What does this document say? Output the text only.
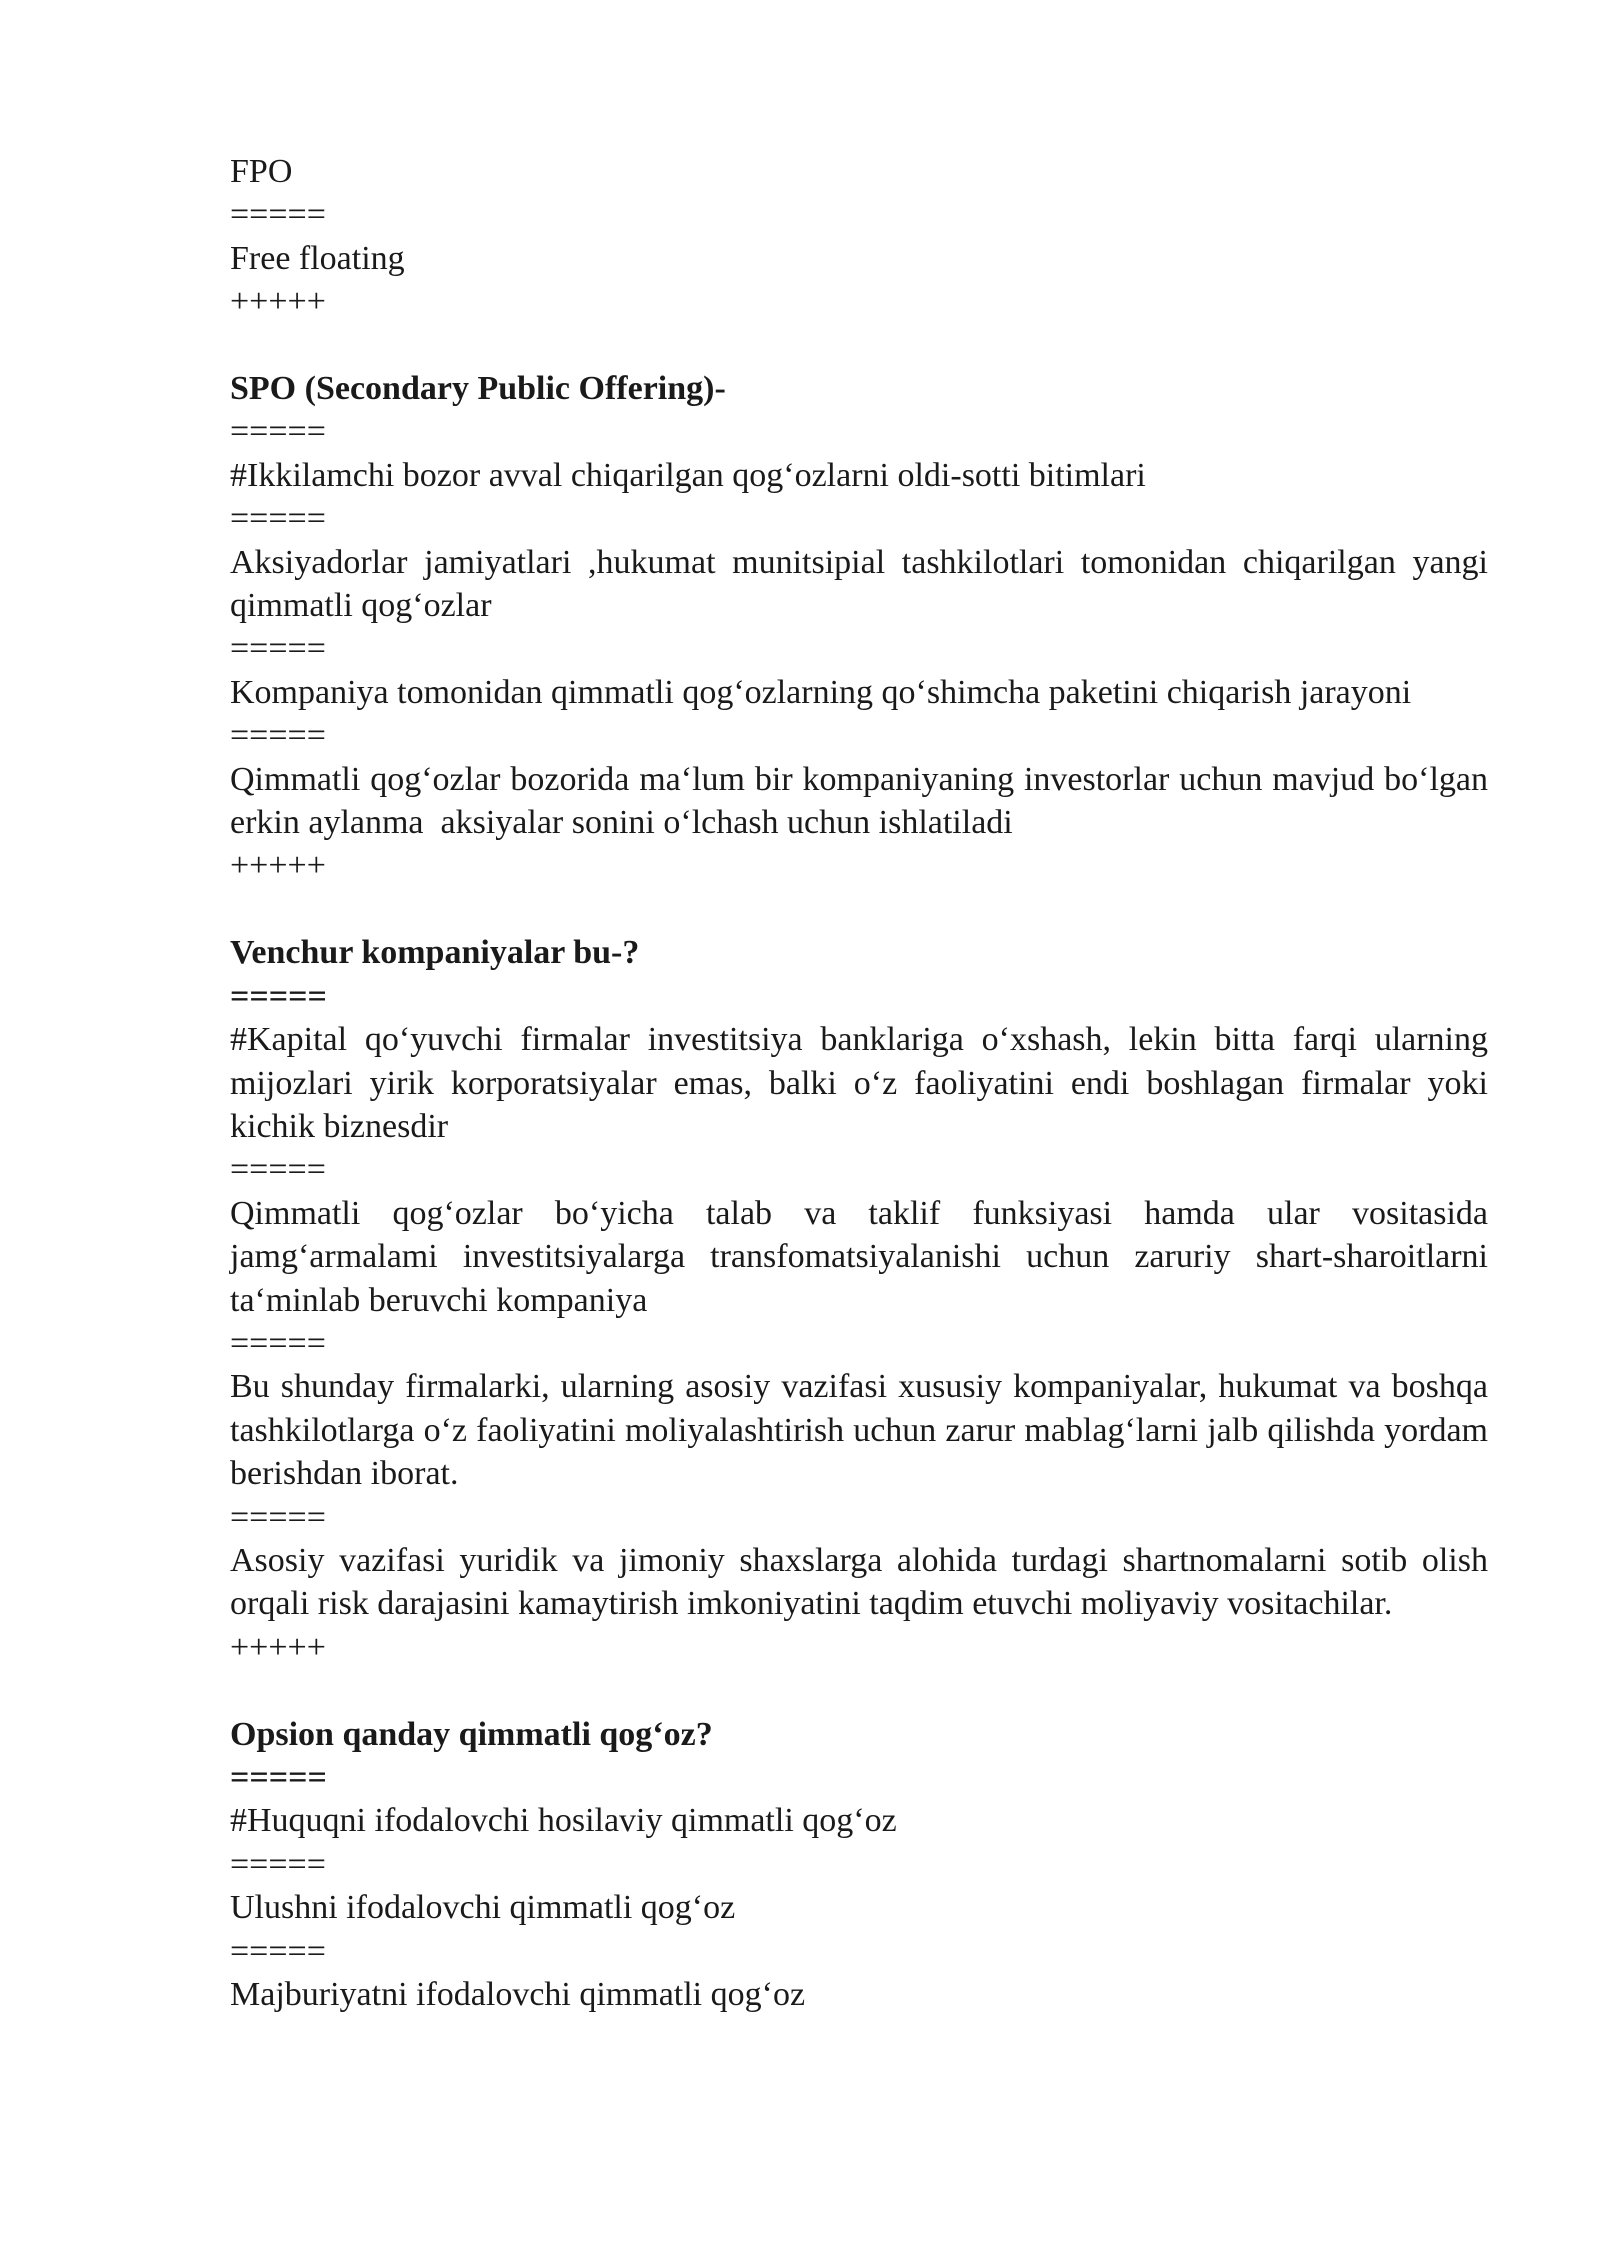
FPO

=====

Free floating

+++++

SPO (Secondary Public Offering)-

=====

#Ikkilamchi bozor avval chiqarilgan qog‘ozlarni oldi-sotti bitimlari

=====

Aksiyadorlar jamiyatlari ,hukumat munitsipial tashkilotlari tomonidan chiqarilgan yangi qimmatli qog‘ozlar

=====

Kompaniya tomonidan qimmatli qog‘ozlarning qo‘shimcha paketini chiqarish jarayoni

=====

Qimmatli qog‘ozlar bozorida ma‘lum bir kompaniyaning investorlar uchun mavjud bo‘lgan erkin aylanma  aksiyalar sonini o‘lchash uchun ishlatiladi

+++++

Venchur kompaniyalar bu-?

=====

#Kapital qo‘yuvchi firmalar investitsiya banklariga o‘xshash, lekin bitta farqi ularning mijozlari yirik korporatsiyalar emas, balki o‘z faoliyatini endi boshlagan firmalar yoki kichik biznesdir

=====

Qimmatli qog‘ozlar bo‘yicha talab va taklif funksiyasi hamda ular vositasida jamg‘armalami investitsiyalarga transfomatsiyalanishi uchun zaruriy shart-sharoitlarni ta‘minlab beruvchi kompaniya

=====

Bu shunday firmalarki, ularning asosiy vazifasi xususiy kompaniyalar, hukumat va boshqa tashkilotlarga o‘z faoliyatini moliyalashtirish uchun zarur mablag‘larni jalb qilishda yordam berishdan iborat.

=====

Asosiy vazifasi yuridik va jimoniy shaxslarga alohida turdagi shartnomalarni sotib olish orqali risk darajasini kamaytirish imkoniyatini taqdim etuvchi moliyaviy vositachilar.

+++++

Opsion qanday qimmatli qog‘oz?

=====

#Huquqni ifodalovchi hosilaviy qimmatli qog‘oz

=====

Ulushni ifodalovchi qimmatli qog‘oz

=====

Majburiyatni ifodalovchi qimmatli qog‘oz
